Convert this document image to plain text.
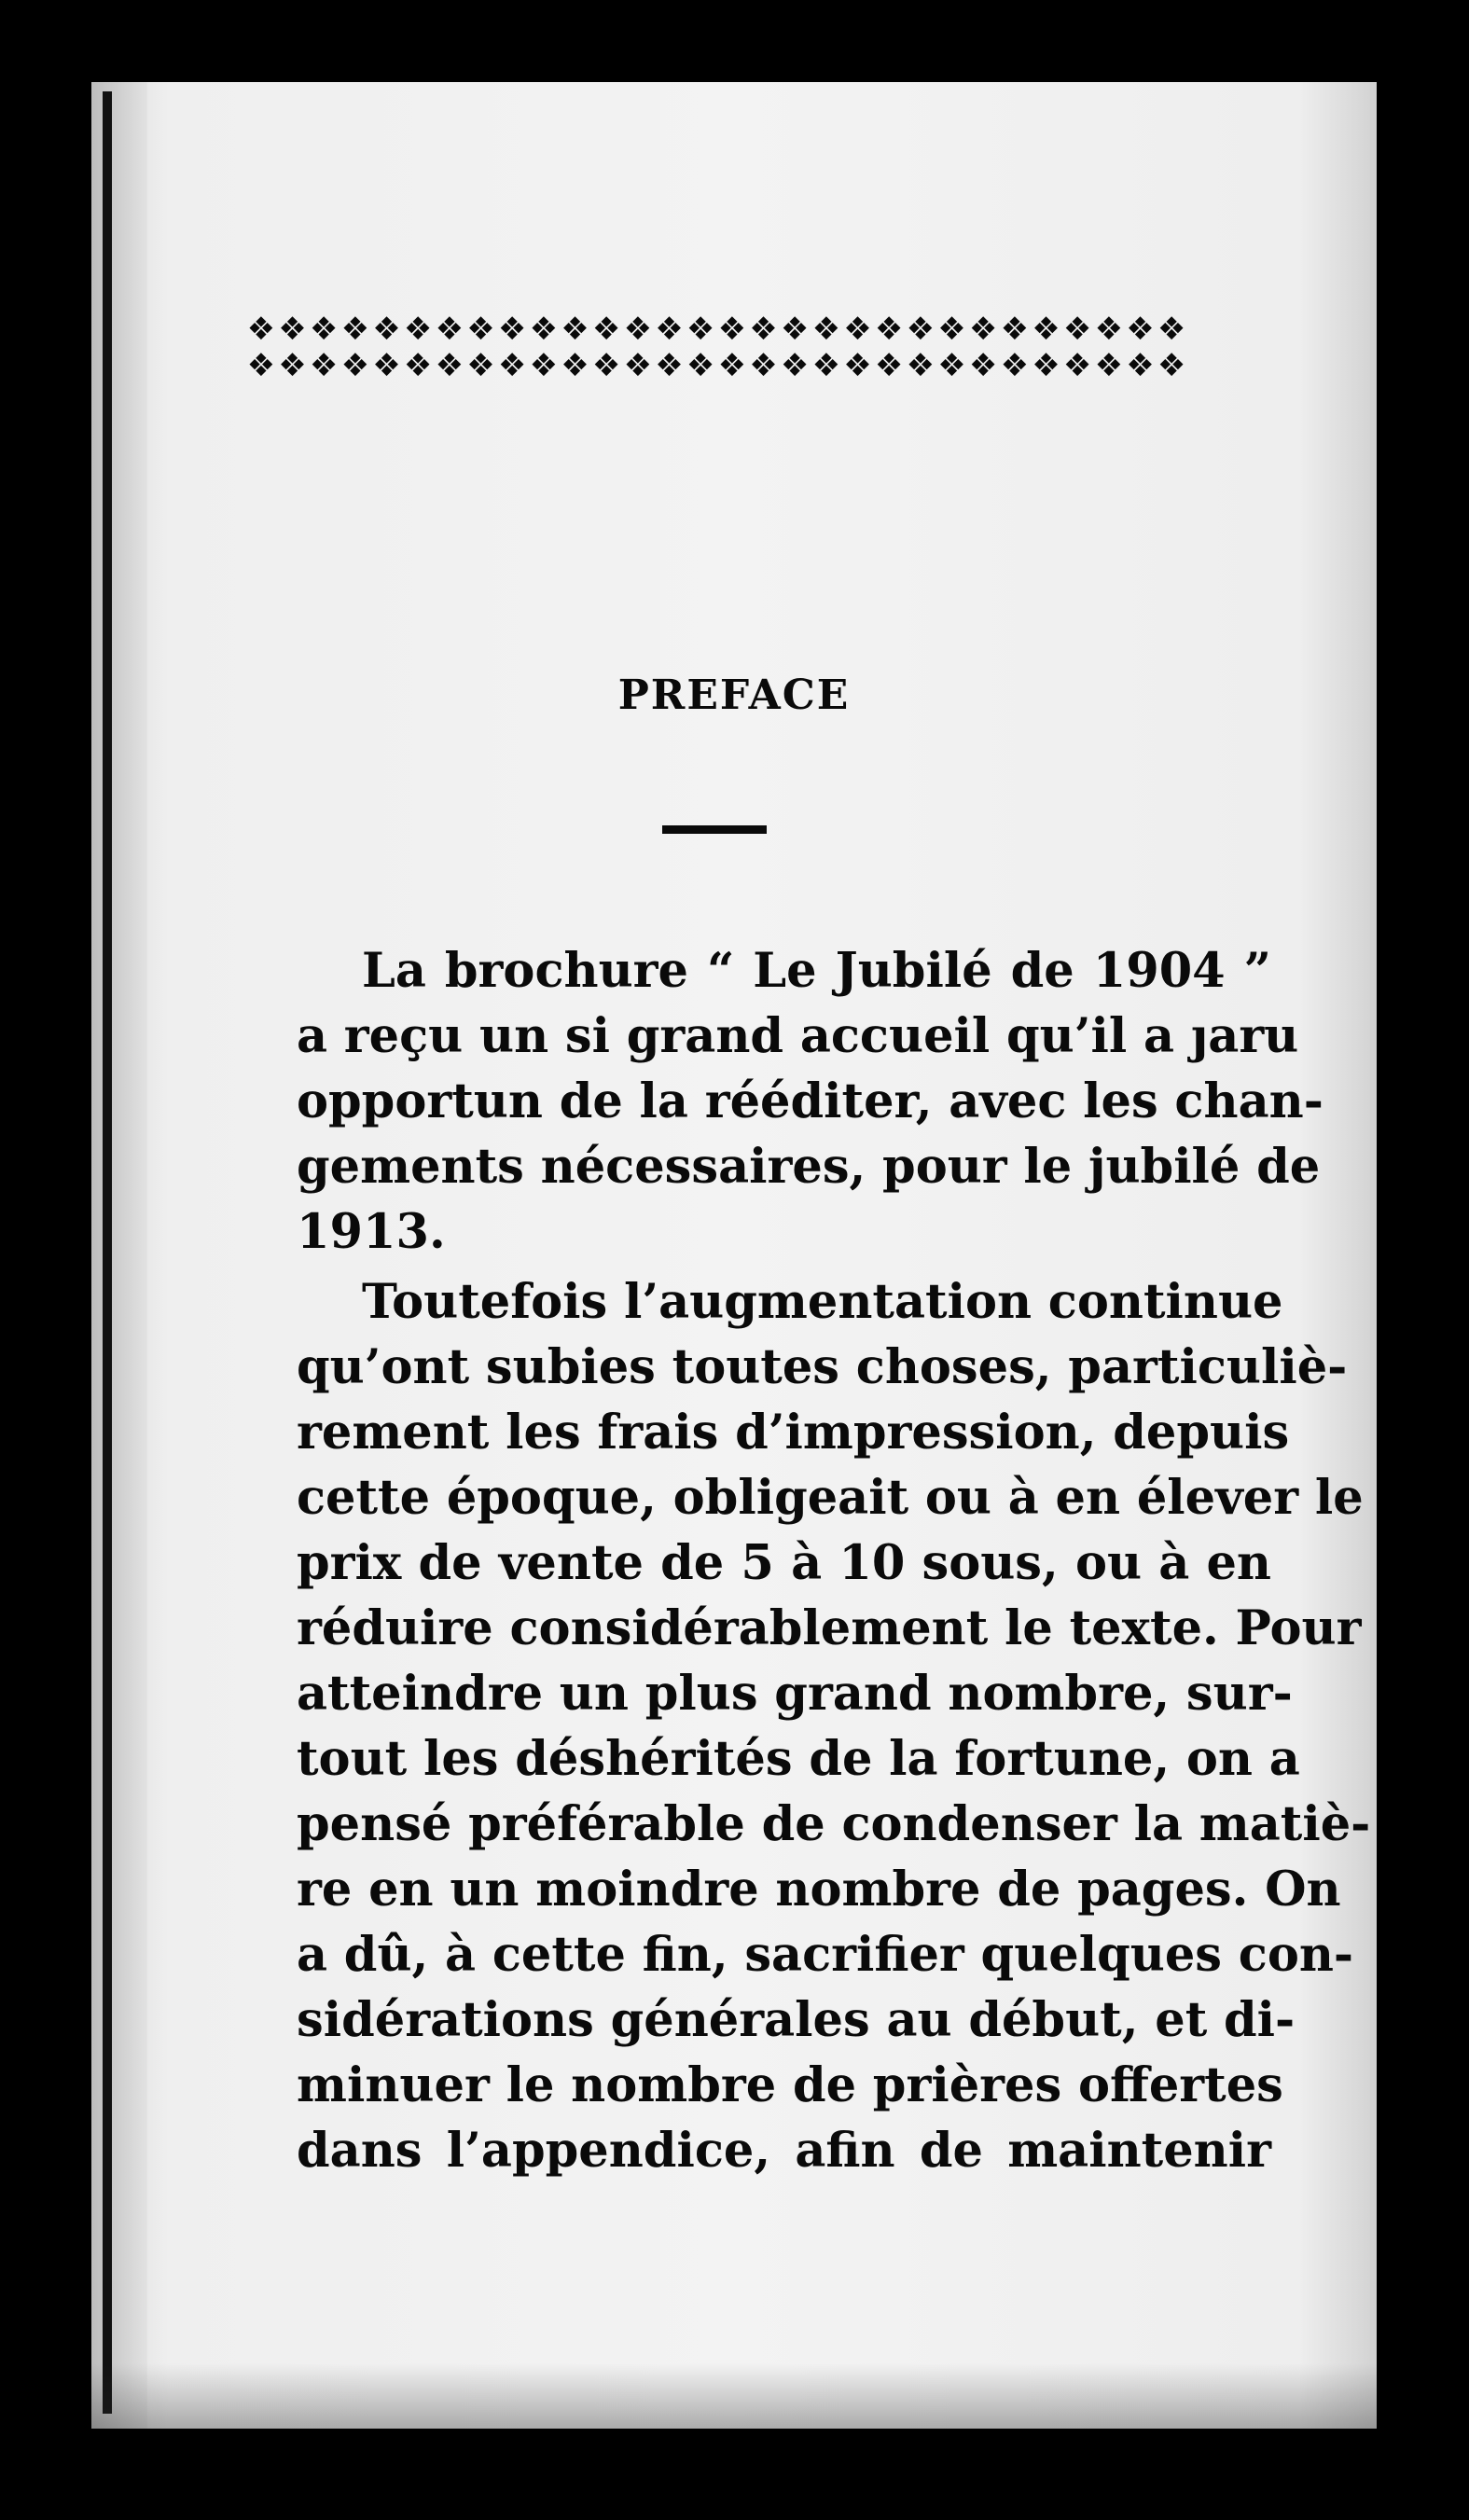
❖ ❖ ❖ ❖ ❖ ❖ ❖ ❖ ❖ ❖ ❖ ❖ ❖ ❖ ❖ ❖ ❖ ❖ ❖ ❖ ❖ ❖ ❖ ❖ ❖ ❖ ❖ ❖ ❖ ❖
❖ ❖ ❖ ❖ ❖ ❖ ❖ ❖ ❖ ❖ ❖ ❖ ❖ ❖ ❖ ❖ ❖ ❖ ❖ ❖ ❖ ❖ ❖ ❖ ❖ ❖ ❖ ❖ ❖ ❖
PREFACE
La brochure “ Le Jubilé de 1904 ”
a reçu un si grand accueil qu’il a ȷaru
opportun de la rééditer, avec les chan-
gements nécessaires, pour le jubilé de
1913.
Toutefois l’augmentation continue
qu’ont subies toutes choses, particuliè-
rement les frais d’impression, depuis
cette époque, obligeait ou à en élever le
prix de vente de 5 à 10 sous, ou à en
réduire considérablement le texte. Pour
atteindre un plus grand nombre, sur-
tout les déshérités de la fortune, on a
pensé préférable de condenser la matiè-
re en un moindre nombre de pages. On
a dû, à cette fin, sacrifier quelques con-
sidérations générales au début, et di-
minuer le nombre de prières offertes
dans l’appendice, afin de maintenir
